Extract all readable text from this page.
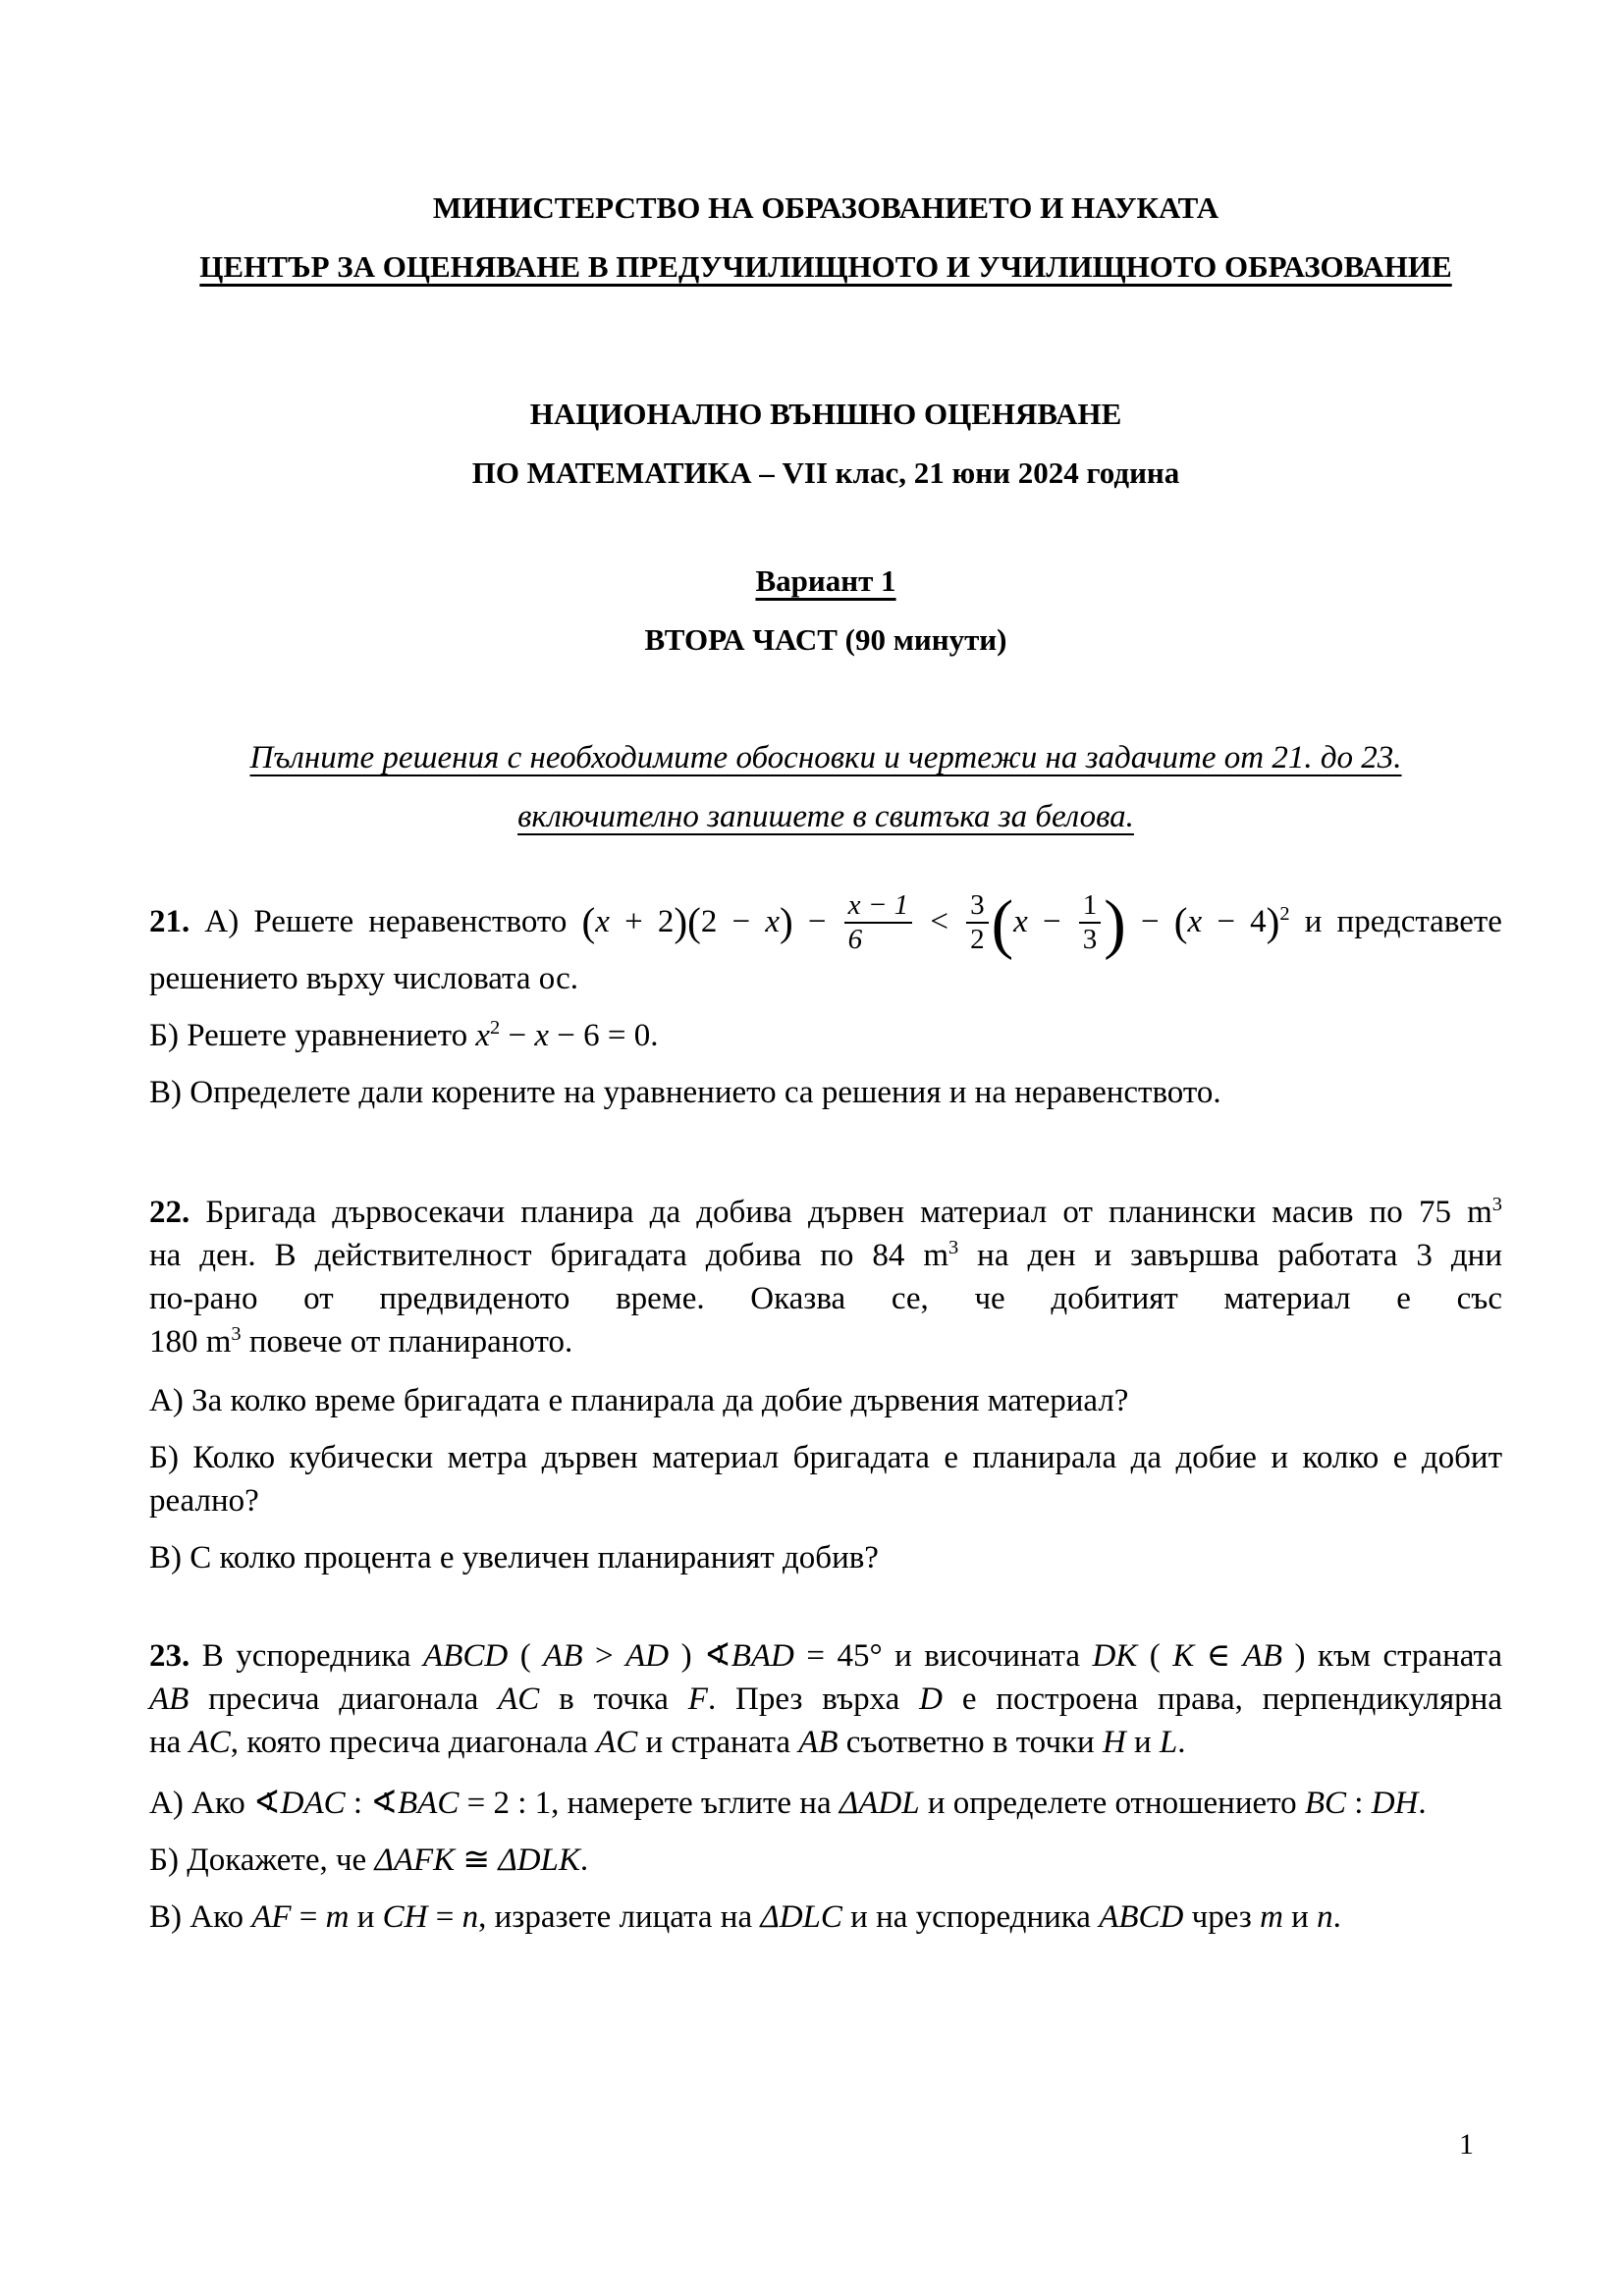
МИНИСТЕРСТВО НА ОБРАЗОВАНИЕТО И НАУКАТА
ЦЕНТЪР ЗА ОЦЕНЯВАНЕ В ПРЕДУЧИЛИЩНОТО И УЧИЛИЩНОТО ОБРАЗОВАНИЕ
НАЦИОНАЛНО ВЪНШНО ОЦЕНЯВАНЕ
ПО МАТЕМАТИКА – VII клас, 21 юни 2024 година
Вариант 1
ВТОРА ЧАСТ (90 минути)
Пълните решения с необходимите обосновки и чертежи на задачите от 21. до 23.
включително запишете в свитъка за белова.
21. А) Решете неравенството $(x + 2)(2 - x) - \frac{x - 1}{6} < \frac{3}{2} (x - \frac{1}{3}$ ) − $(x - 4)^2$ и представете
решението върху числовата ос.
Б) Решете уравнението $x^2 - x - 6 = 0$.
В) Определете дали корените на уравнението са решения и на неравенството.
22. Бригада дървосекачи планира да добива дървен материал от планински масив по 75 $m^3$
на ден. В действителност бригадата добива по 84 $m^3$ на ден и завършва работата 3 дни
по-рано от предвиденото време. Оказва се, че добитият материал е със
180 $m^3$ повече от планираното.
А) За колко време бригадата е планирала да добие дървения материал?
Б) Колко кубически метра дървен материал бригадата е планирала да добие и колко е добит
реално?
В) С колко процента е увеличен планираният добив?
23. В успоредника ABCD ( AB > AD ) ∢BAD = 45° и височината DK ( K ∈ AB ) към страната
AB пресича диагонала AC в точка F. През върха D е построена права, перпендикулярна
на AC, която пресича диагонала AC и страната AB съответно в точки H и L.
А) Ако ∢DAC : ∢BAC = 2 : 1, намерете ъглите на ΔADL и определете отношението BC : DH.
Б) Докажете, че ΔAFK ≅ ΔDLK.
В) Ако AF = m и CH = n, изразете лицата на ΔDLC и на успоредника ABCD чрез m и n.
1
